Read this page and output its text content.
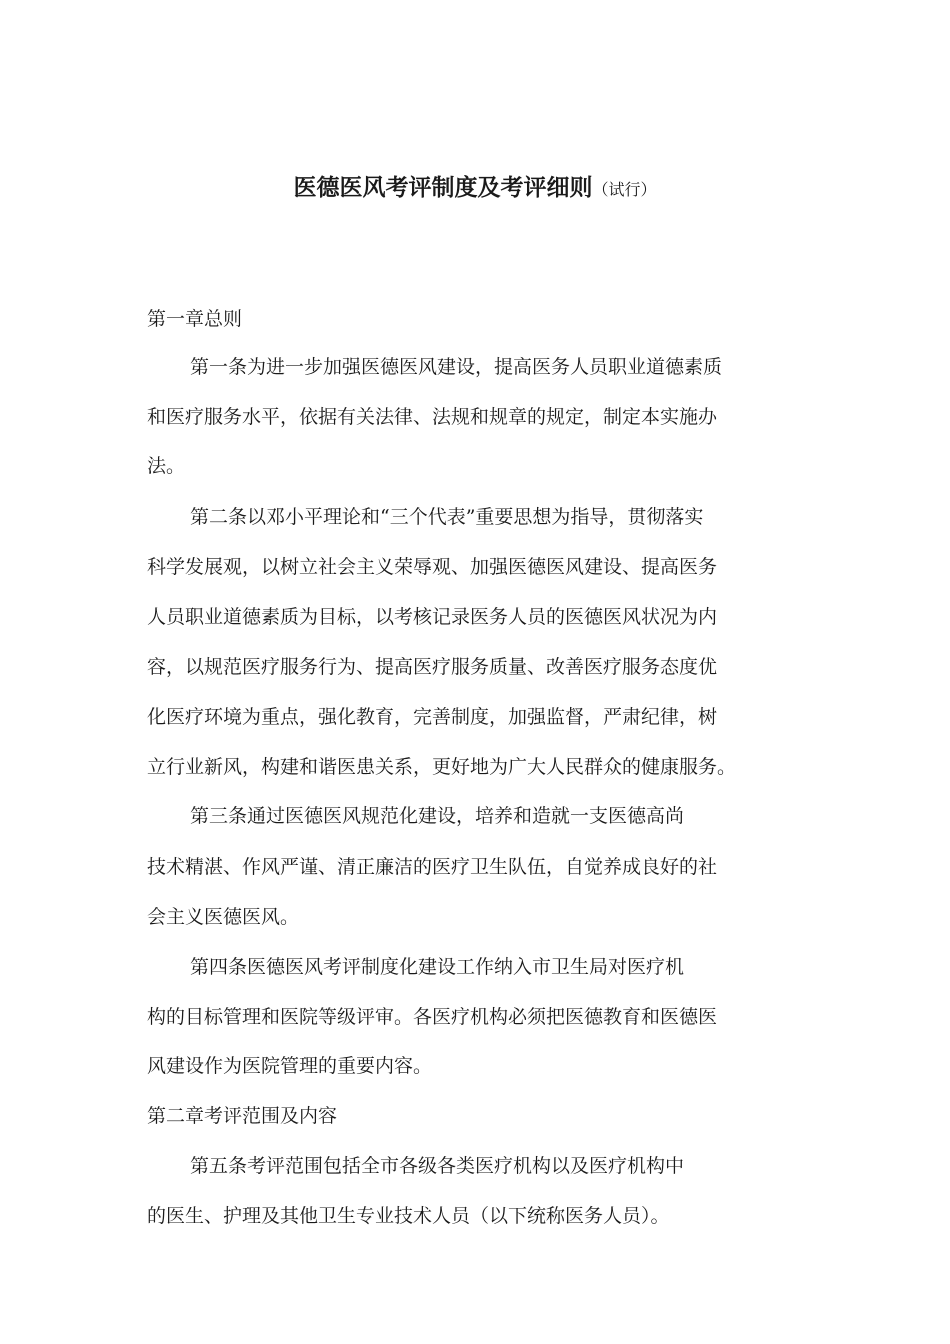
医德医风考评制度及考评细则（试行）
第一章总则
第一条为进一步加强医德医风建设，提高医务人员职业道德素质
和医疗服务水平，依据有关法律、法规和规章的规定，制定本实施办
法。
第二条以邓小平理论和“三个代表”重要思想为指导，贯彻落实
科学发展观，以树立社会主义荣辱观、加强医德医风建设、提高医务
人员职业道德素质为目标，以考核记录医务人员的医德医风状况为内
容，以规范医疗服务行为、提高医疗服务质量、改善医疗服务态度优
化医疗环境为重点，强化教育，完善制度，加强监督，严肃纪律，树
立行业新风，构建和谐医患关系，更好地为广大人民群众的健康服务。
第三条通过医德医风规范化建设，培养和造就一支医德高尚
技术精湛、作风严谨、清正廉洁的医疗卫生队伍，自觉养成良好的社
会主义医德医风。
第四条医德医风考评制度化建设工作纳入市卫生局对医疗机
构的目标管理和医院等级评审。各医疗机构必须把医德教育和医德医
风建设作为医院管理的重要内容。
第二章考评范围及内容
第五条考评范围包括全市各级各类医疗机构以及医疗机构中
的医生、护理及其他卫生专业技术人员（以下统称医务人员）。
